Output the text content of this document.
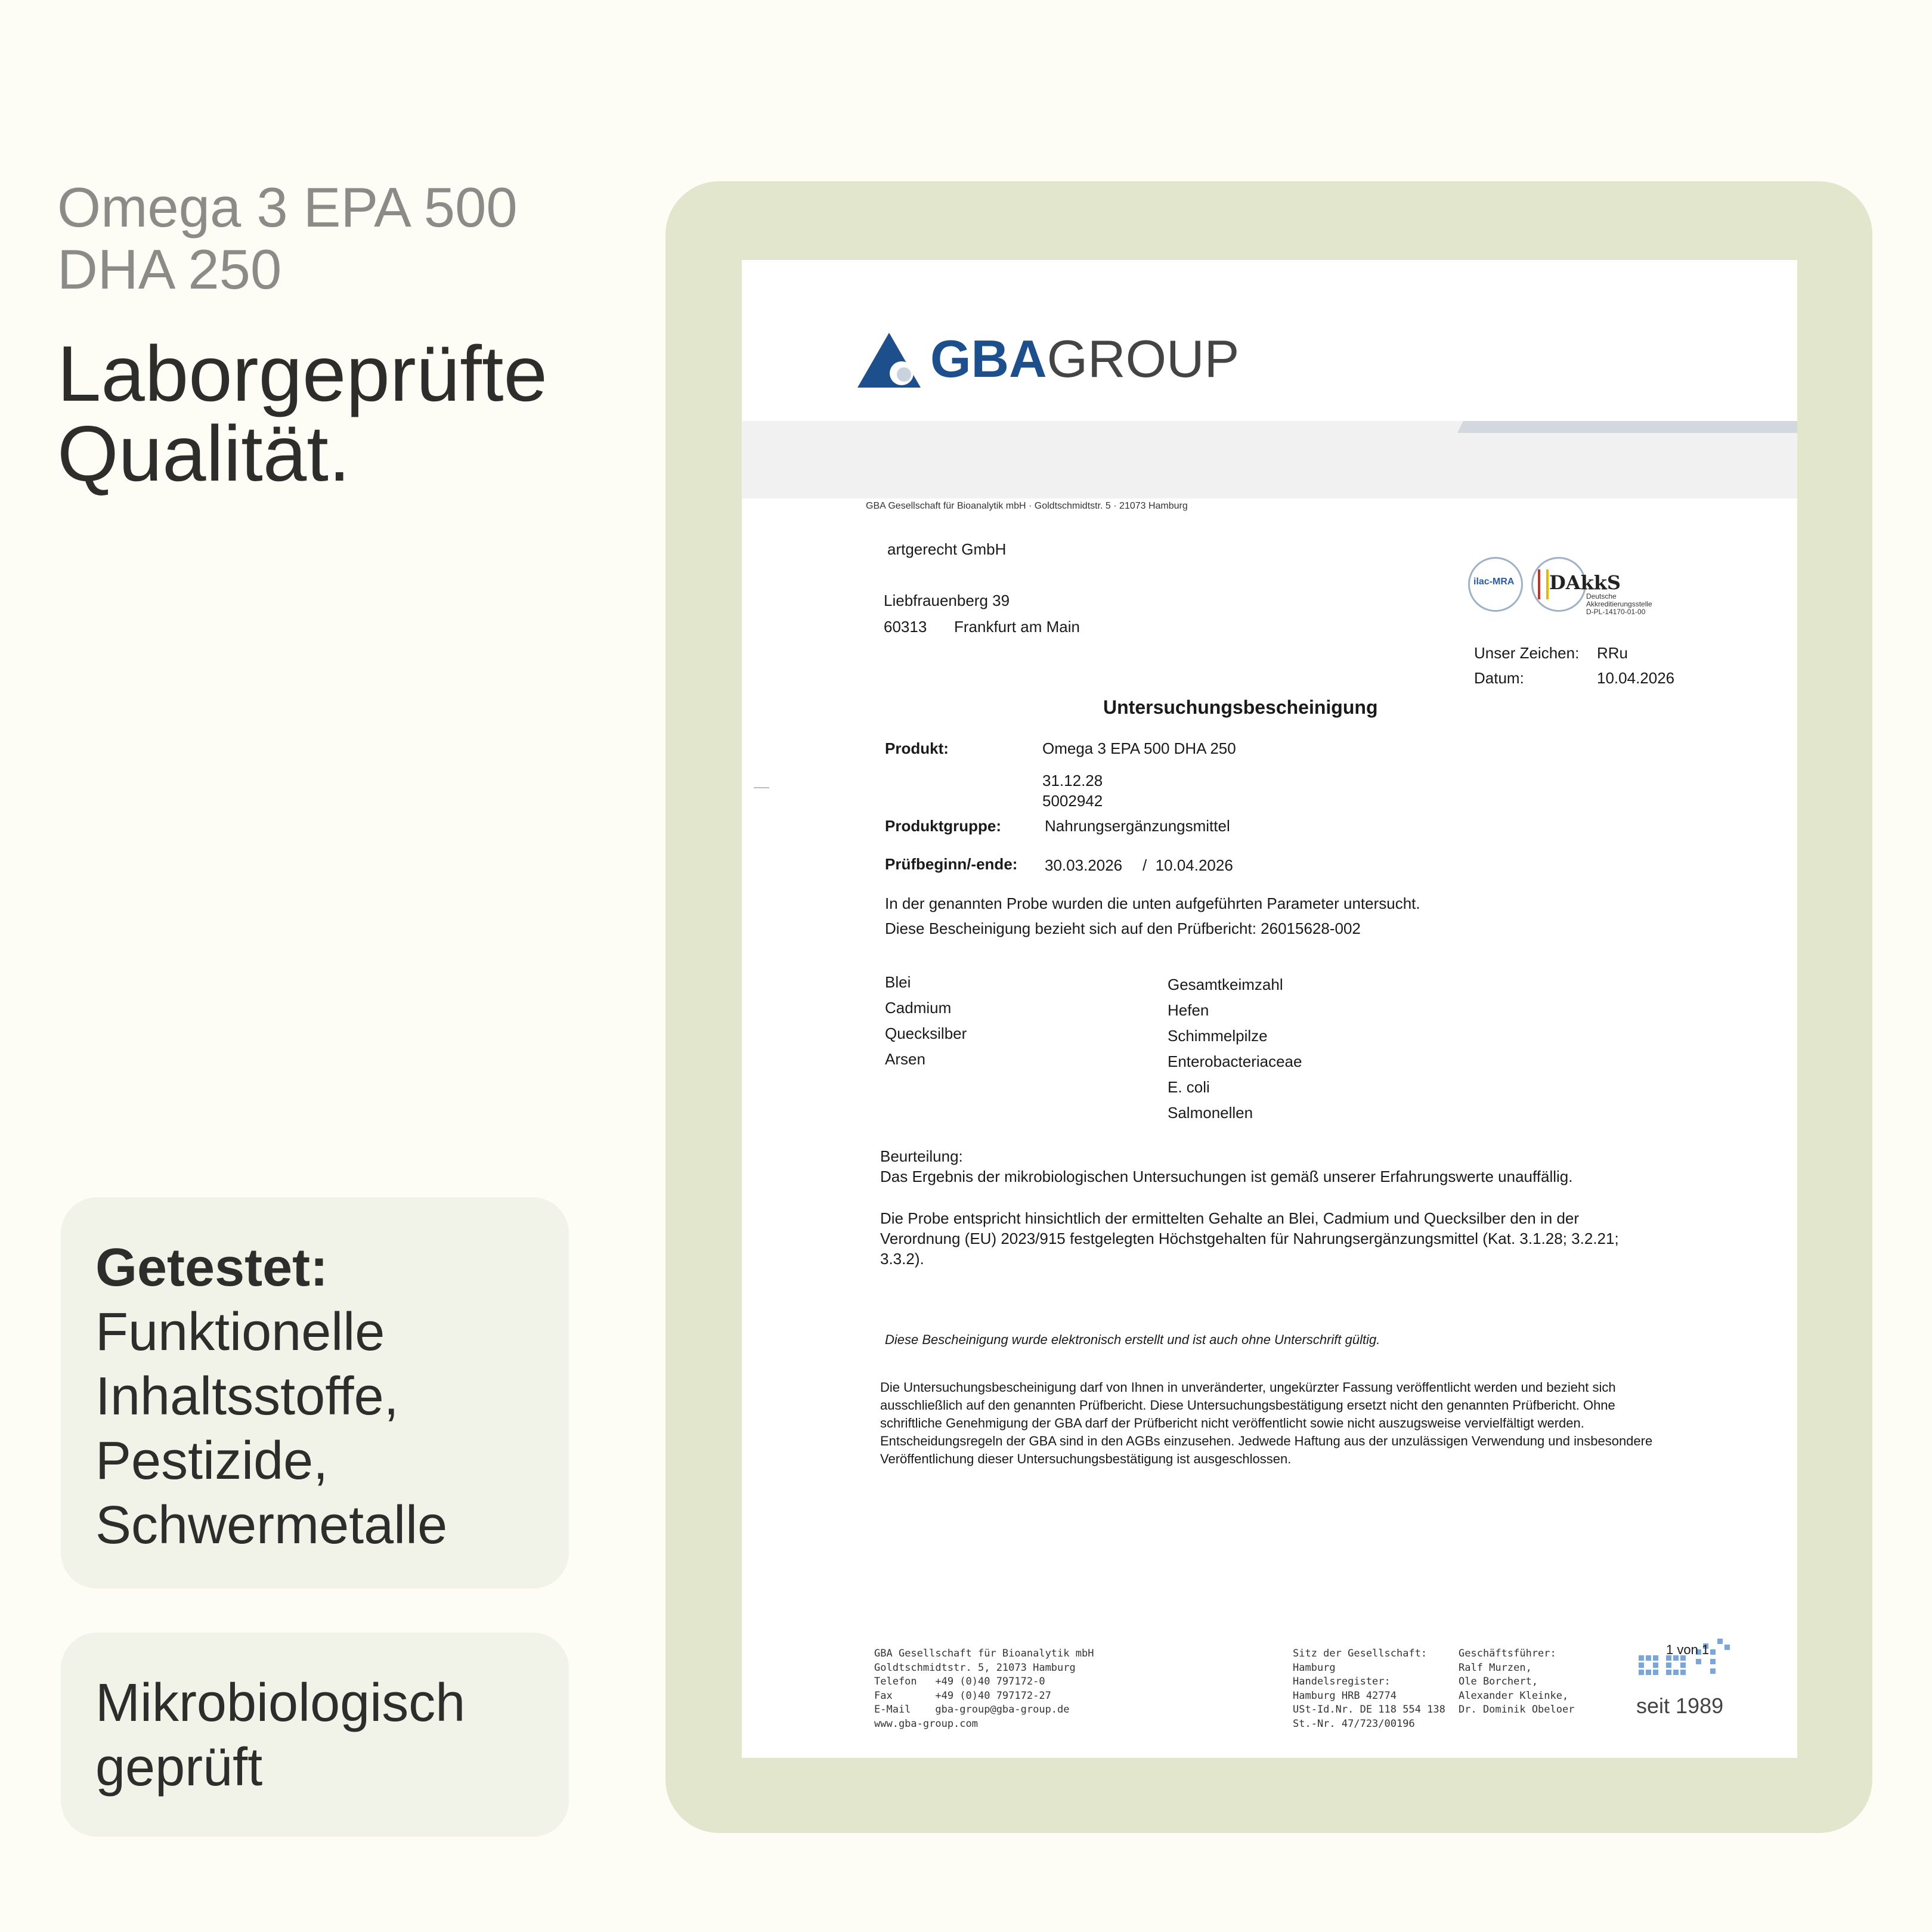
Omega 3 EPA 500
DHA 250
Laborgeprüfte
Qualität.
Getestet:
Funktionelle
Inhaltsstoffe,
Pestizide,
Schwermetalle
Mikrobiologisch
geprüft
GBAGROUP
GBA Gesellschaft für Bioanalytik mbH · Goldtschmidtstr. 5 · 21073 Hamburg
artgerecht GmbH
Liebfrauenberg 39
60313 Frankfurt am Main
ilac-MRA DAkkS
Deutsche
Akkreditierungsstelle
D-PL-14170-01-00
Unser Zeichen: RRu
Datum:	10.04.2026
Untersuchungsbescheinigung
Produkt:	Omega 3 EPA 500 DHA 250
31.12.28
5002942
Produktgruppe:	Nahrungsergänzungsmittel
Prüfbeginn/-ende: 30.03.2026 /  10.04.2026
In der genannten Probe wurden die unten aufgeführten Parameter untersucht.
Diese Bescheinigung bezieht sich auf den Prüfbericht: 26015628-002
Blei
Cadmium
Quecksilber
Arsen
Gesamtkeimzahl
Hefen
Schimmelpilze
Enterobacteriaceae
E. coli
Salmonellen
Beurteilung:
Das Ergebnis der mikrobiologischen Untersuchungen ist gemäß unserer Erfahrungswerte unauffällig.
Die Probe entspricht hinsichtlich der ermittelten Gehalte an Blei, Cadmium und Quecksilber den in der
Verordnung (EU) 2023/915 festgelegten Höchstgehalten für Nahrungsergänzungsmittel (Kat. 3.1.28; 3.2.21;
3.3.2).
Diese Bescheinigung wurde elektronisch erstellt und ist auch ohne Unterschrift gültig.
Die Untersuchungsbescheinigung darf von Ihnen in unveränderter, ungekürzter Fassung veröffentlicht werden und bezieht sich
ausschließlich auf den genannten Prüfbericht. Diese Untersuchungsbestätigung ersetzt nicht den genannten Prüfbericht. Ohne
schriftliche Genehmigung der GBA darf der Prüfbericht nicht veröffentlicht sowie nicht auszugsweise vervielfältigt werden.
Entscheidungsregeln der GBA sind in den AGBs einzusehen. Jedwede Haftung aus der unzulässigen Verwendung und insbesondere
Veröffentlichung dieser Untersuchungsbestätigung ist ausgeschlossen.
GBA Gesellschaft für Bioanalytik mbH
Goldtschmidtstr. 5, 21073 Hamburg
Telefon   +49 (0)40 797172-0
Fax       +49 (0)40 797172-27
E-Mail    gba-group@gba-group.de
www.gba-group.com
Sitz der Gesellschaft:
Hamburg
Handelsregister:
Hamburg HRB 42774
USt-Id.Nr. DE 118 554 138
St.-Nr. 47/723/00196
Geschäftsführer:
Ralf Murzen,
Ole Borchert,
Alexander Kleinke,
Dr. Dominik Obeloer
1 von 1
seit 1989
